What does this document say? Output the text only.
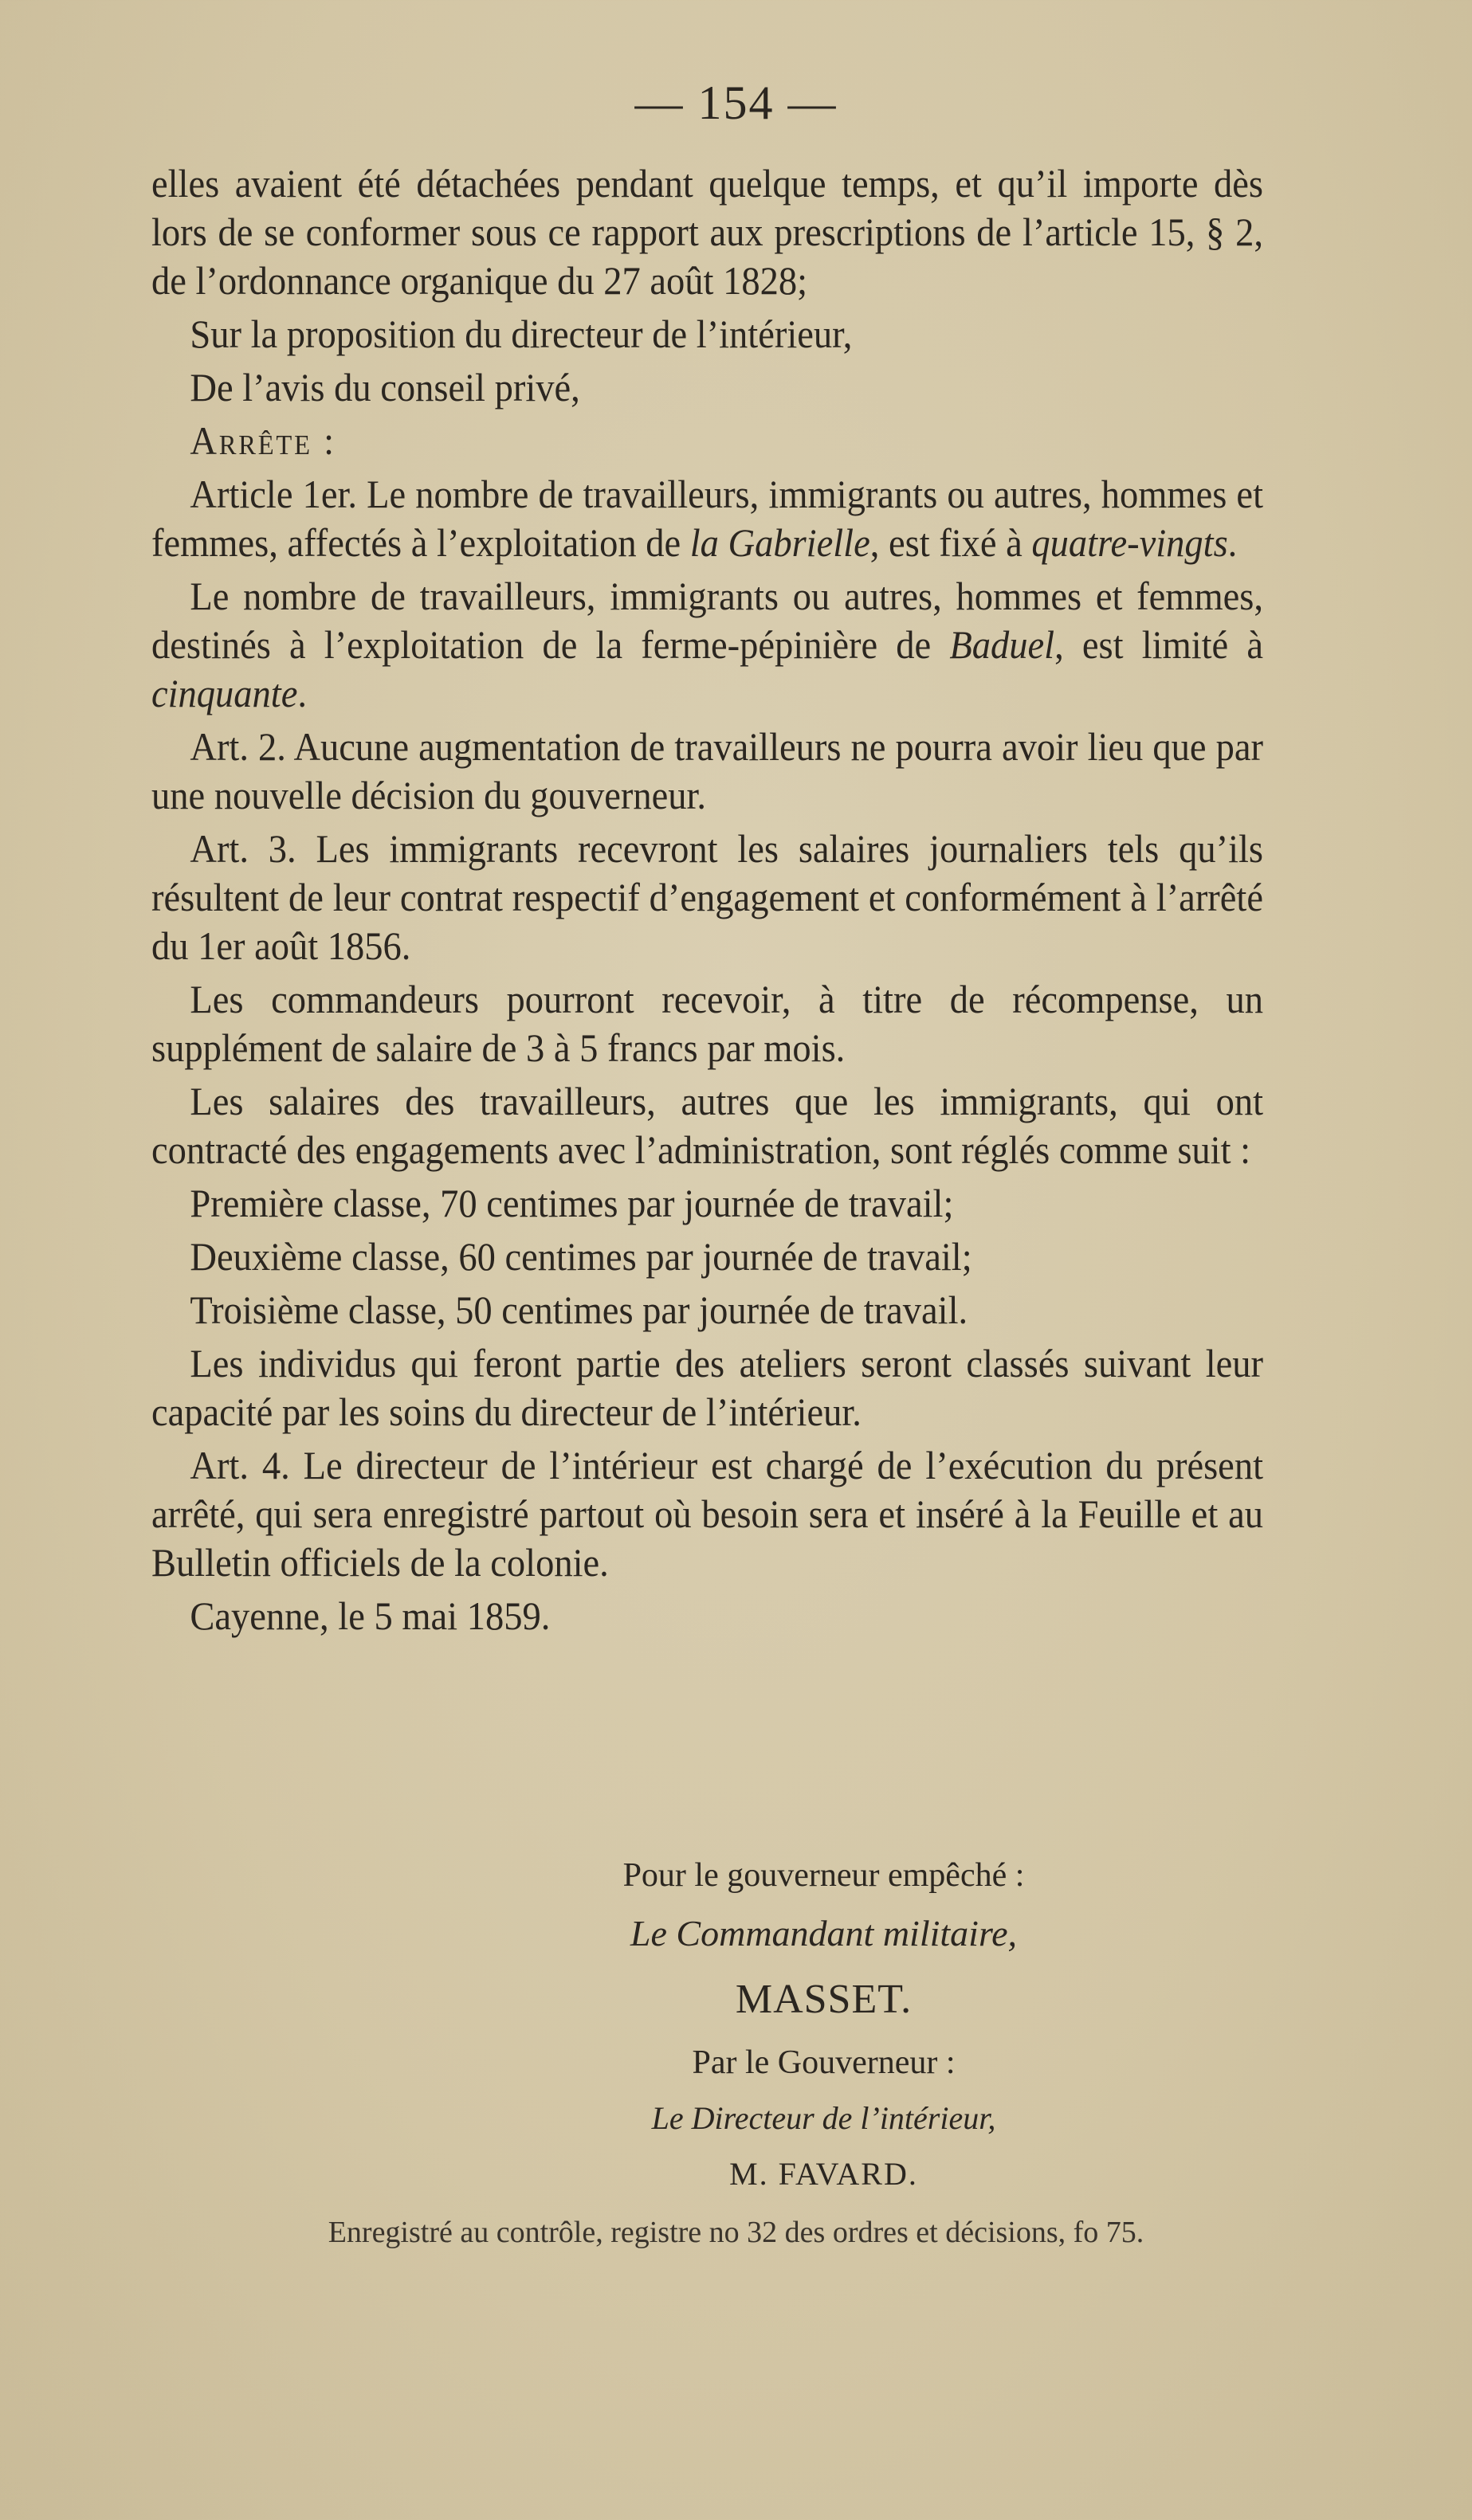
— 154 —

elles avaient été détachées pendant quelque temps, et qu’il importe dès lors de se conformer sous ce rapport aux prescriptions de l’article 15, § 2, de l’ordonnance organique du 27 août 1828;

Sur la proposition du directeur de l’intérieur,

De l’avis du conseil privé,

Arrête :

Article 1er. Le nombre de travailleurs, immigrants ou autres, hommes et femmes, affectés à l’exploitation de la Gabrielle, est fixé à quatre-vingts.

Le nombre de travailleurs, immigrants ou autres, hommes et femmes, destinés à l’exploitation de la ferme-pépinière de Baduel, est limité à cinquante.

Art. 2. Aucune augmentation de travailleurs ne pourra avoir lieu que par une nouvelle décision du gouverneur.

Art. 3. Les immigrants recevront les salaires journaliers tels qu’ils résultent de leur contrat respectif d’engagement et conformément à l’arrêté du 1er août 1856.

Les commandeurs pourront recevoir, à titre de récompense, un supplément de salaire de 3 à 5 francs par mois.

Les salaires des travailleurs, autres que les immigrants, qui ont contracté des engagements avec l’administration, sont réglés comme suit :

Première classe, 70 centimes par journée de travail;

Deuxième classe, 60 centimes par journée de travail;

Troisième classe, 50 centimes par journée de travail.

Les individus qui feront partie des ateliers seront classés suivant leur capacité par les soins du directeur de l’intérieur.

Art. 4. Le directeur de l’intérieur est chargé de l’exécution du présent arrêté, qui sera enregistré partout où besoin sera et inséré à la Feuille et au Bulletin officiels de la colonie.

Cayenne, le 5 mai 1859.

Pour le gouverneur empêché :
Le Commandant militaire,
MASSET.
Par le Gouverneur :
Le Directeur de l’intérieur,
M. FAVARD.
Enregistré au contrôle, registre no 32 des ordres et décisions, fo 75.
